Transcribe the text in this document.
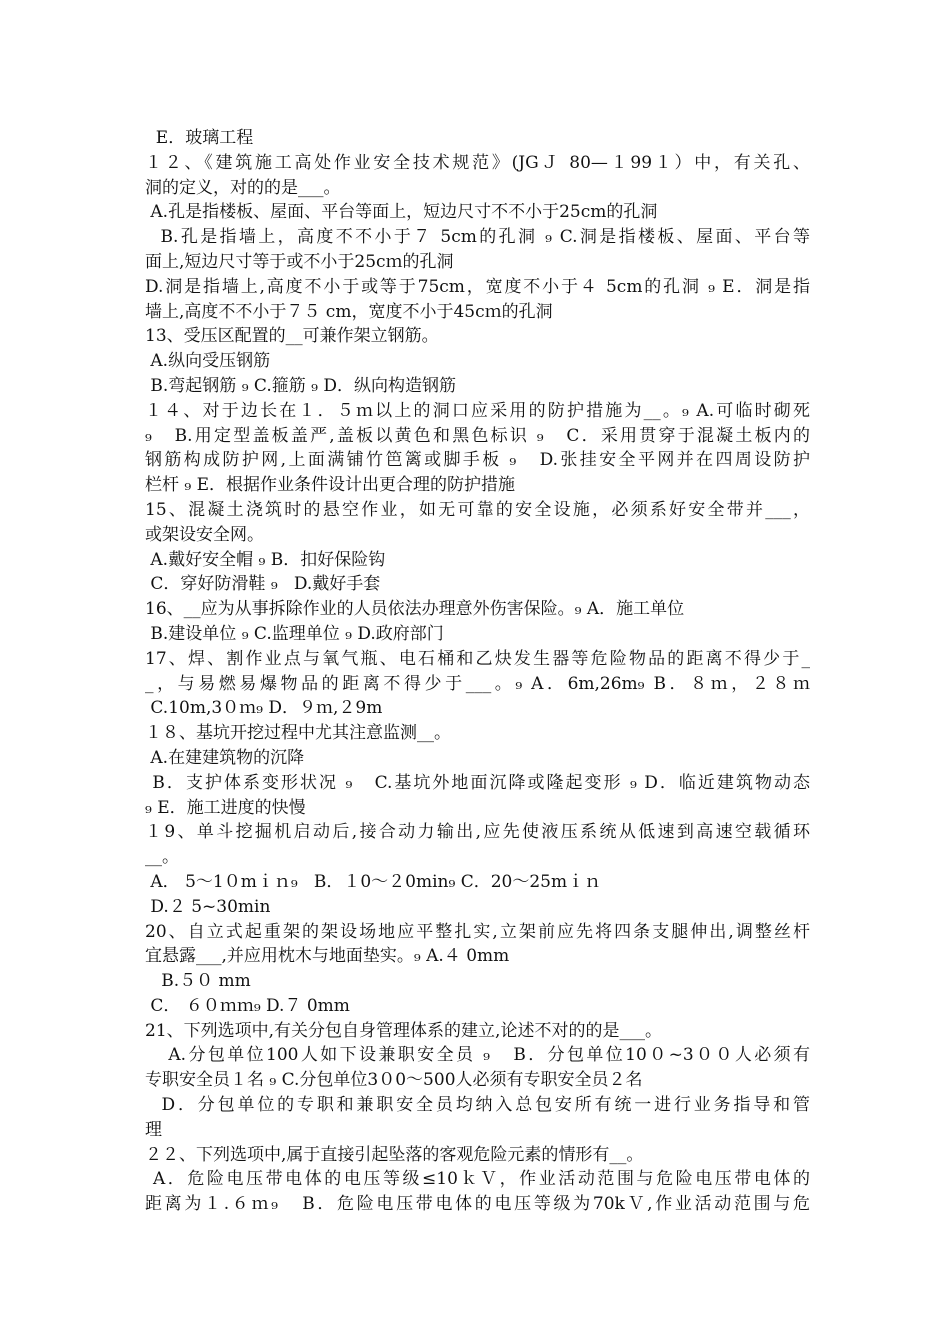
E．玻璃工程
１２、《建筑施工高处作业安全技术规范》(JGＪ 80—１99１）中，有关孔、
洞的定义，对的的是___。
A.孔是指楼板、屋面、平台等面上，短边尺寸不不小于25cm的孔洞
B.孔是指墙上，高度不不小于７ 5cm的孔洞 ₉ C.洞是指楼板、屋面、平台等
面上,短边尺寸等于或不小于25cｍ的孔洞
D.洞是指墙上,高度不小于或等于75cm，宽度不小于４ 5cm的孔洞 ₉ E．洞是指
墙上,高度不不小于７５ cm，宽度不小于45cｍ的孔洞
13、受压区配置的__可兼作架立钢筋。
A.纵向受压钢筋
B.弯起钢筋 ₉ C.箍筋 ₉ D．纵向构造钢筋
１４、对于边长在１．５ｍ以上的洞口应采用的防护措施为__。₉ A.可临时砌死
₉   B.用定型盖板盖严,盖板以黄色和黑色标识 ₉   C．采用贯穿于混凝土板内的
钢筋构成防护网,上面满铺竹笆篱或脚手板 ₉   D.张挂安全平网并在四周设防护
栏杆 ₉ E．根据作业条件设计出更合理的防护措施
15、混凝土浇筑时的悬空作业，如无可靠的安全设施，必须系好安全带并___，
或架设安全网。
A.戴好安全帽 ₉ B．扣好保险钩
C．穿好防滑鞋 ₉   D.戴好手套
16、__应为从事拆除作业的人员依法办理意外伤害保险。₉ A．施工单位
B.建设单位 ₉ C.监理单位 ₉ D.政府部门
17、焊、割作业点与氧气瓶、电石桶和乙炔发生器等危险物品的距离不得少于_
_，与易燃易爆物品的距离不得少于___。₉ A．6m,26m₉ B．８ｍ，２８ｍ
C.10m,3０ｍ₉ D．９ｍ,２9m
１８、基坑开挖过程中尤其注意监测__。
A.在建建筑物的沉降
B．支护体系变形状况 ₉   C.基坑外地面沉降或隆起变形 ₉ D．临近建筑物动态
₉ E．施工进度的快慢
１9、单斗挖掘机启动后,接合动力输出,应先使液压系统从低速到高速空载循环
__。
A． 5～1０mｉｎ₉   B．１0～２0min₉ C．20～25mｉｎ
D.２ 5~30min
20、自立式起重架的架设场地应平整扎实,立架前应先将四条支腿伸出,调整丝杆
宜悬露___,并应用枕木与地面垫实。₉ A.４ 0mm
B.５０ mm
C． ６０ｍｍ₉ D.７ 0mm
21、下列选项中,有关分包自身管理体系的建立,论述不对的的是___。
A.分包单位100人如下设兼职安全员 ₉   B．分包单位10０~3００人必须有
专职安全员１名 ₉ C.分包单位3０0～500人必须有专职安全员２名
D．分包单位的专职和兼职安全员均纳入总包安所有统一进行业务指导和管
理
２２、下列选项中,属于直接引起坠落的客观危险元素的情形有__。
A．危险电压带电体的电压等级≤10ｋＶ，作业活动范围与危险电压带电体的
距离为１.６ｍ₉   B．危险电压带电体的电压等级为70kＶ,作业活动范围与危
